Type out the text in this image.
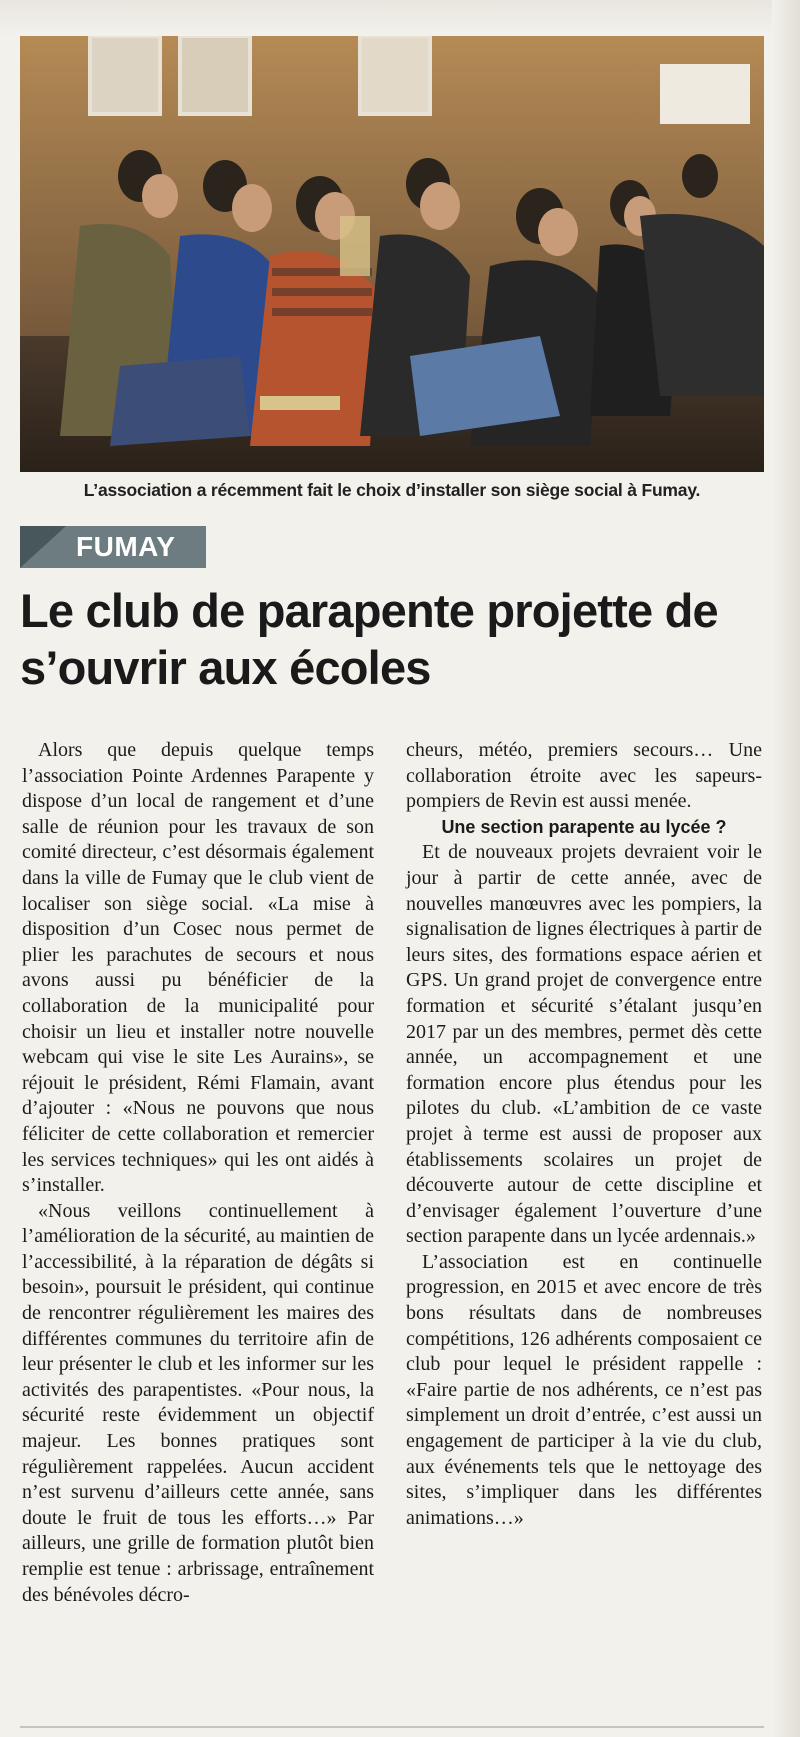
L’association a récemment fait le choix d’installer son siège social à Fumay.
FUMAY
Le club de parapente projette de s’ouvrir aux écoles

Alors que depuis quelque temps l’association Pointe Ardennes Parapente y dispose d’un local de rangement et d’une salle de réunion pour les travaux de son comité directeur, c’est désormais également dans la ville de Fumay que le club vient de localiser son siège social. «La mise à disposition d’un Cosec nous permet de plier les parachutes de secours et nous avons aussi pu bénéficier de la collaboration de la municipalité pour choisir un lieu et installer notre nouvelle webcam qui vise le site Les Aurains», se réjouit le président, Rémi Flamain, avant d’ajouter : «Nous ne pouvons que nous féliciter de cette collaboration et remercier les services techniques» qui les ont aidés à s’installer.

«Nous veillons continuellement à l’amélioration de la sécurité, au maintien de l’accessibilité, à la réparation de dégâts si besoin», poursuit le président, qui continue de rencontrer régulièrement les maires des différentes communes du territoire afin de leur présenter le club et les informer sur les activités des parapentistes. «Pour nous, la sécurité reste évidemment un objectif majeur. Les bonnes pratiques sont régulièrement rappelées. Aucun accident n’est survenu d’ailleurs cette année, sans doute le fruit de tous les efforts…» Par ailleurs, une grille de formation plutôt bien remplie est tenue : arbrissage, entraînement des bénévoles décro-

cheurs, météo, premiers secours… Une collaboration étroite avec les sapeurs-pompiers de Revin est aussi menée.

Une section parapente au lycée ?

Et de nouveaux projets devraient voir le jour à partir de cette année, avec de nouvelles manœuvres avec les pompiers, la signalisation de lignes électriques à partir de leurs sites, des formations espace aérien et GPS. Un grand projet de convergence entre formation et sécurité s’étalant jusqu’en 2017 par un des membres, permet dès cette année, un accompagnement et une formation encore plus étendus pour les pilotes du club. «L’ambition de ce vaste projet à terme est aussi de proposer aux établissements scolaires un projet de découverte autour de cette discipline et d’envisager également l’ouverture d’une section parapente dans un lycée ardennais.»

L’association est en continuelle progression, en 2015 et avec encore de très bons résultats dans de nombreuses compétitions, 126 adhérents composaient ce club pour lequel le président rappelle : «Faire partie de nos adhérents, ce n’est pas simplement un droit d’entrée, c’est aussi un engagement de participer à la vie du club, aux événements tels que le nettoyage des sites, s’impliquer dans les différentes animations…»
